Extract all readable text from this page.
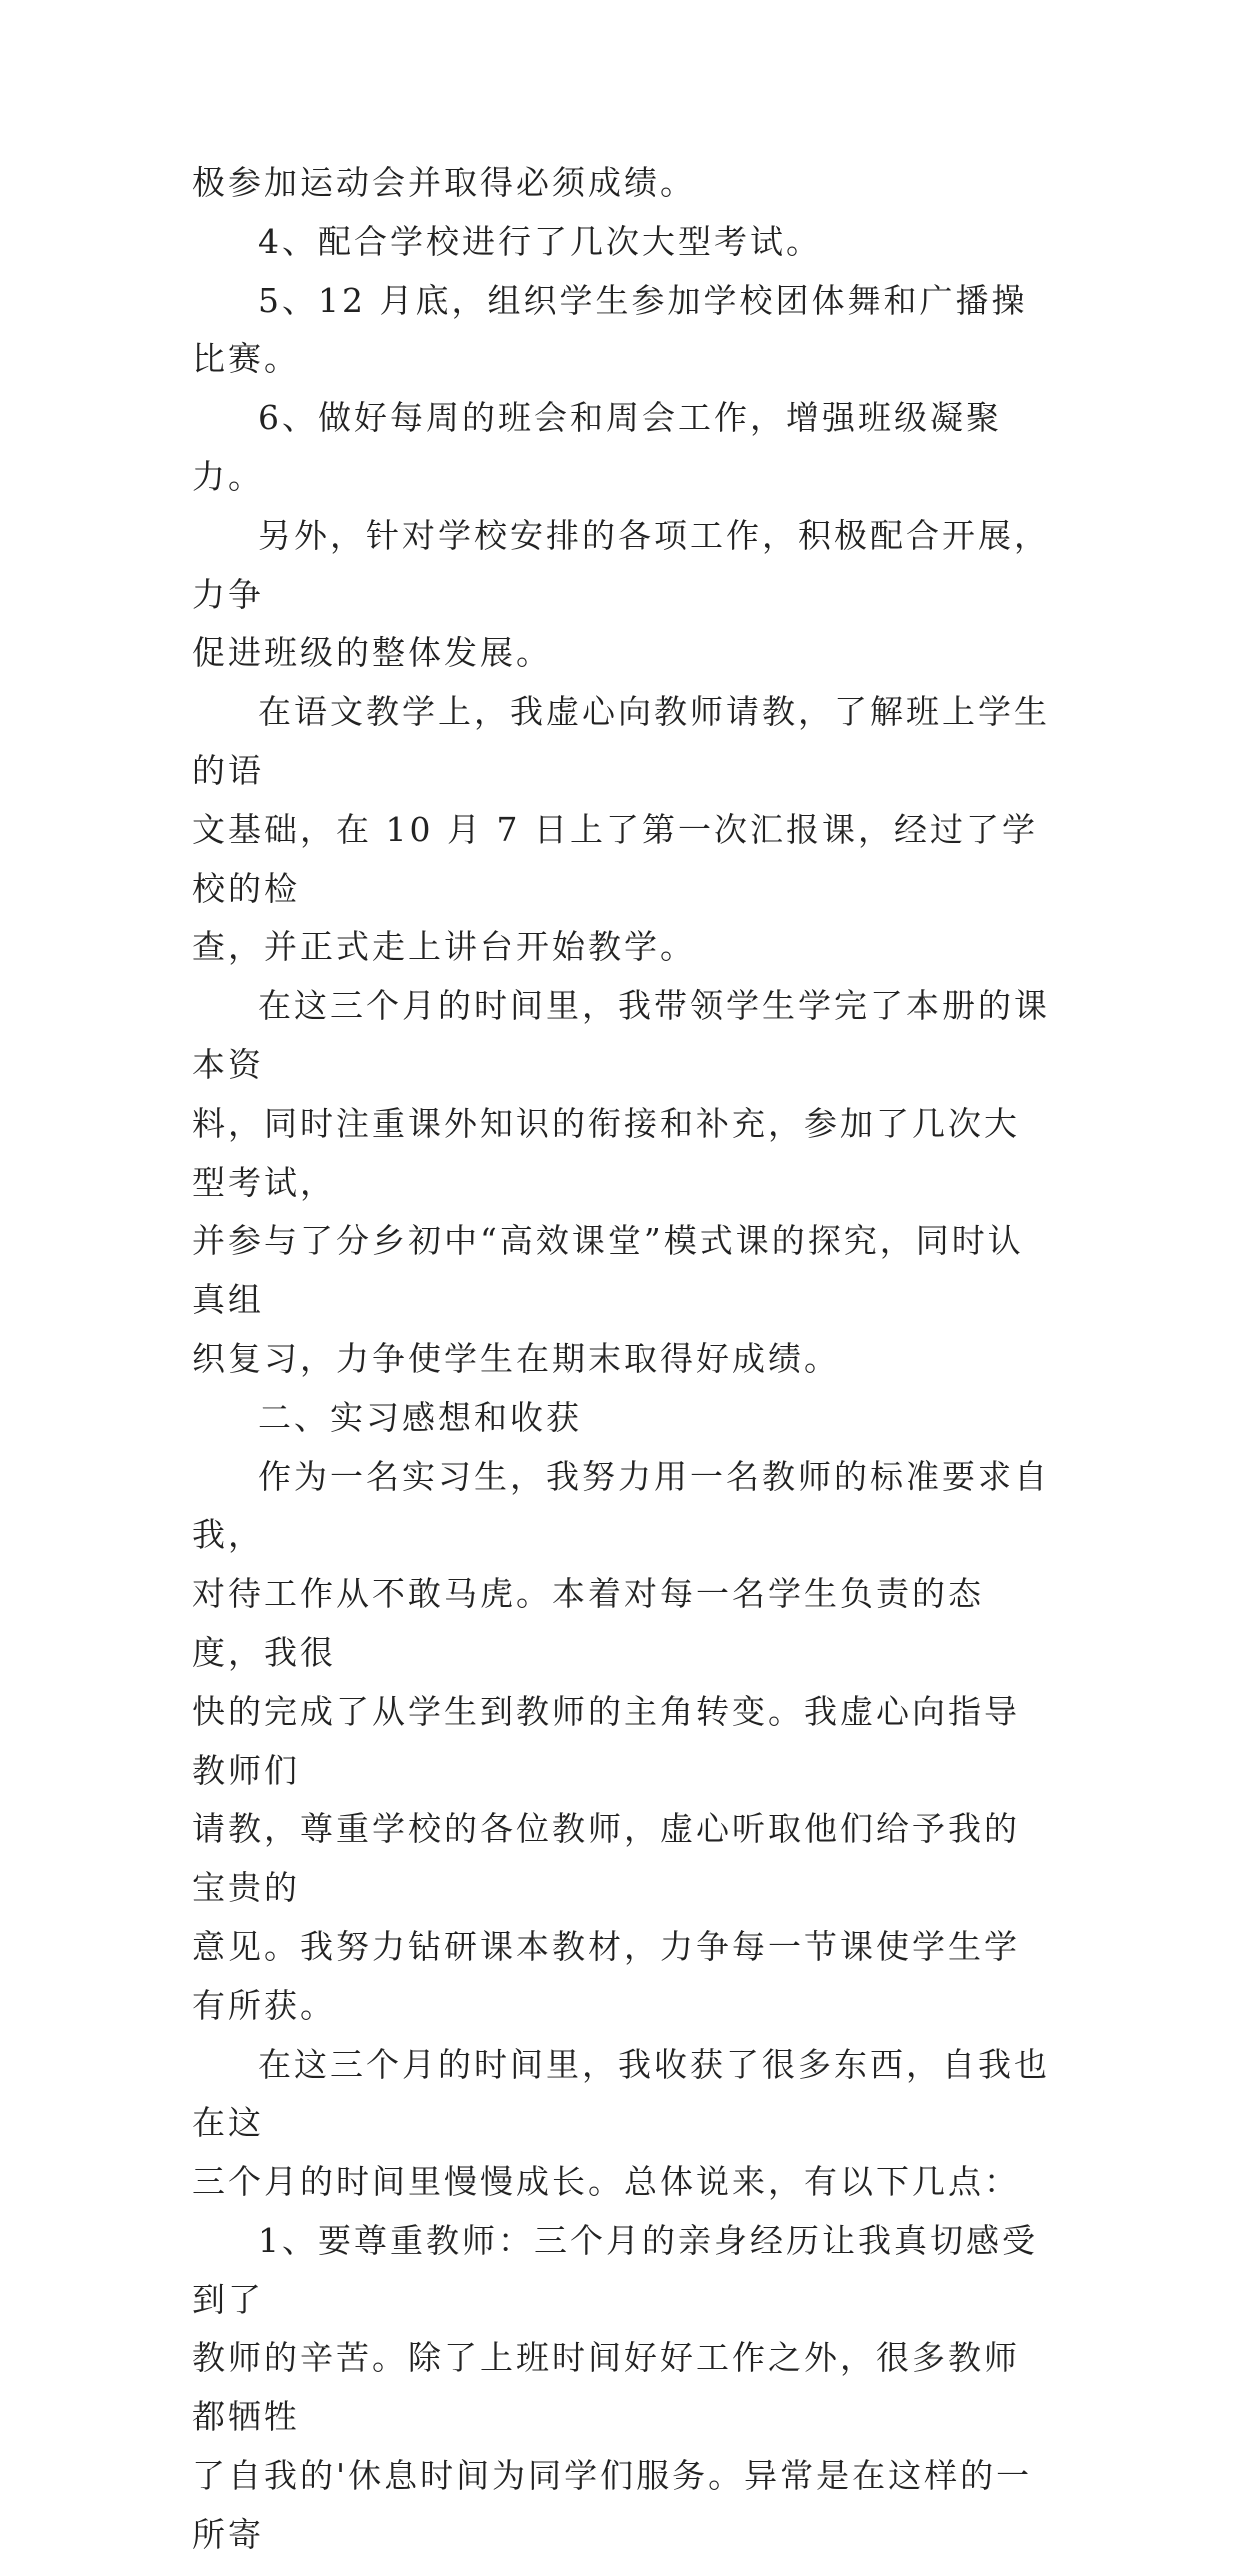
极参加运动会并取得必须成绩。

4、配合学校进行了几次大型考试。

5、12 月底，组织学生参加学校团体舞和广播操比赛。

6、做好每周的班会和周会工作，增强班级凝聚力。

另外，针对学校安排的各项工作，积极配合开展，力争

促进班级的整体发展。

在语文教学上，我虚心向教师请教，了解班上学生的语

文基础，在 10 月 7 日上了第一次汇报课，经过了学校的检

查，并正式走上讲台开始教学。

在这三个月的时间里，我带领学生学完了本册的课本资

料，同时注重课外知识的衔接和补充，参加了几次大型考试，

并参与了分乡初中“高效课堂”模式课的探究，同时认真组

织复习，力争使学生在期末取得好成绩。

二、实习感想和收获

作为一名实习生，我努力用一名教师的标准要求自我，

对待工作从不敢马虎。本着对每一名学生负责的态度，我很

快的完成了从学生到教师的主角转变。我虚心向指导教师们

请教，尊重学校的各位教师，虚心听取他们给予我的宝贵的

意见。我努力钻研课本教材，力争每一节课使学生学有所获。

在这三个月的时间里，我收获了很多东西，自我也在这

三个月的时间里慢慢成长。总体说来，有以下几点：

1、要尊重教师：三个月的亲身经历让我真切感受到了

教师的辛苦。除了上班时间好好工作之外，很多教师都牺牲

了自我的'休息时间为同学们服务。异常是在这样的一所寄
